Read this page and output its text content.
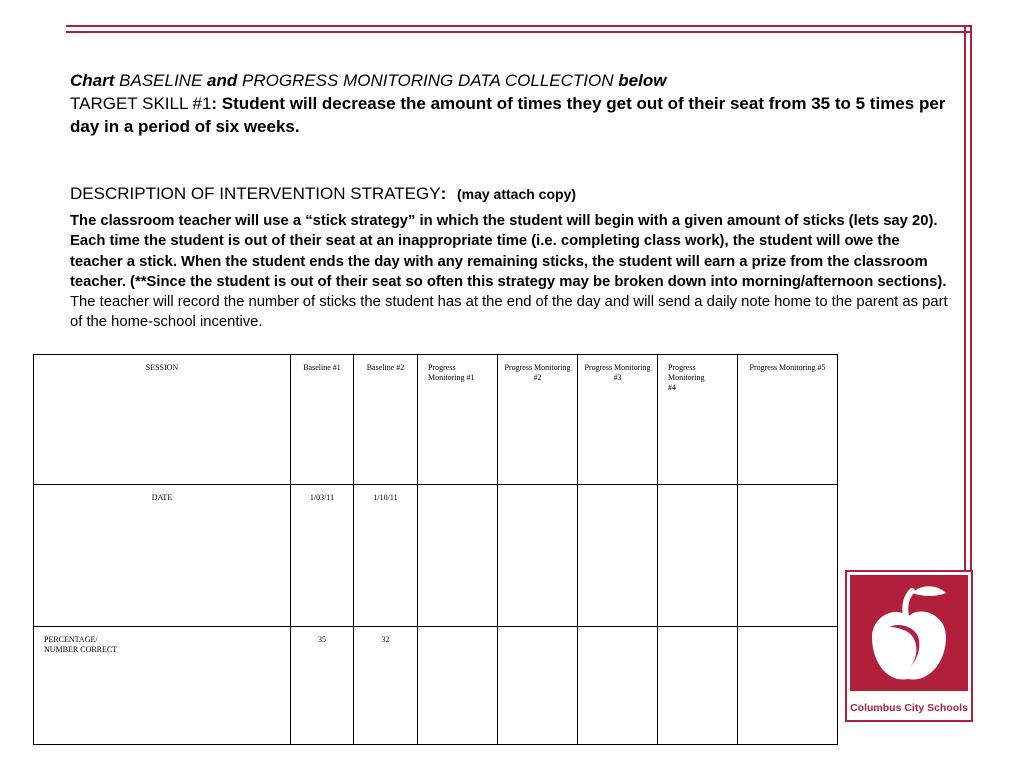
Chart BASELINE and PROGRESS MONITORING DATA COLLECTION below
TARGET SKILL #1: Student will decrease the amount of times they get out of their seat from 35 to 5 times per day in a period of six weeks.
DESCRIPTION OF INTERVENTION STRATEGY: (may attach copy)
The classroom teacher will use a “stick strategy” in which the student will begin with a given amount of sticks (lets say 20). Each time the student is out of their seat at an inappropriate time (i.e. completing class work), the student will owe the teacher a stick. When the student ends the day with any remaining sticks, the student will earn a prize from the classroom teacher. (**Since the student is out of their seat so often this strategy may be broken down into morning/afternoon sections).
The teacher will record the number of sticks the student has at the end of the day and will send a daily note home to the parent as part of the home-school incentive.
SESSION	Baseline #1	Baseline #2	Progress Monitoring #1	Progress Monitoring #2	Progress Monitoring #3	Progress
Monitoring
#4	Progress Monitoring #5
DATE	1/03/11	1/10/11					
PERCENTAGE/
NUMBER CORRECT	35	32					
Columbus City Schools
